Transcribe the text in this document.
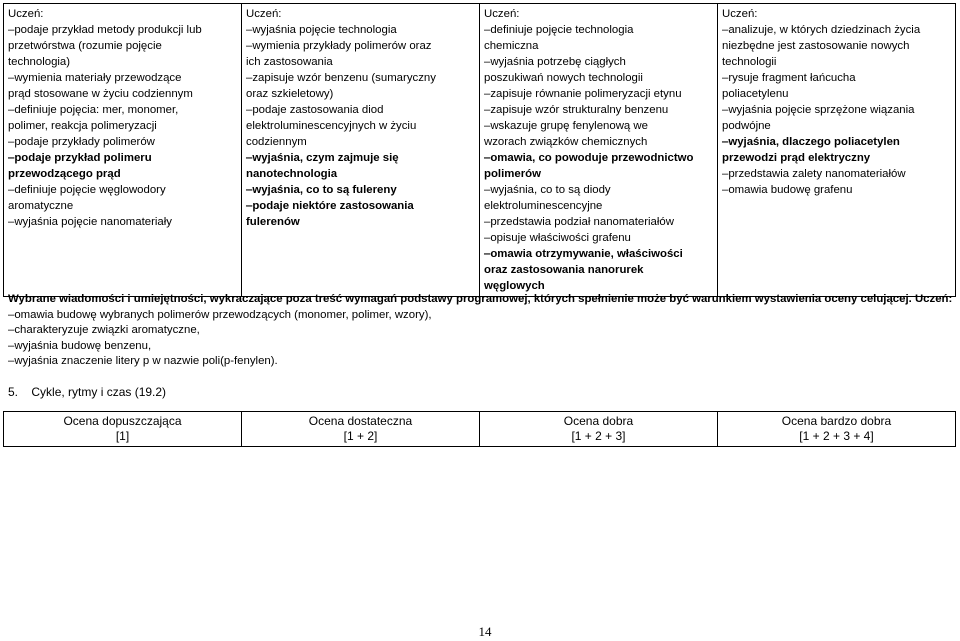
Uczeń:
‒podaje przykład metody produkcji lub
przetwórstwa (rozumie pojęcie
technologia)
‒wymienia materiały przewodzące
prąd stosowane w życiu codziennym
‒definiuje pojęcia: mer, monomer,
polimer, reakcja polimeryzacji
‒podaje przykłady polimerów
‒podaje przykład polimeru
przewodzącego prąd
‒definiuje pojęcie węglowodory
aromatyczne
‒wyjaśnia pojęcie nanomateriały

Uczeń:
‒wyjaśnia pojęcie technologia
‒wymienia przykłady polimerów oraz
ich zastosowania
‒zapisuje wzór benzenu (sumaryczny
oraz szkieletowy)
‒podaje zastosowania diod
elektroluminescencyjnych w życiu
codziennym
‒wyjaśnia, czym zajmuje się
nanotechnologia
‒wyjaśnia, co to są fulereny
‒podaje niektóre zastosowania
fulerenów

Uczeń:
‒definiuje pojęcie technologia
chemiczna
‒wyjaśnia potrzebę ciągłych
poszukiwań nowych technologii
‒zapisuje równanie polimeryzacji etynu
‒zapisuje wzór strukturalny benzenu
‒wskazuje grupę fenylenową we
wzorach związków chemicznych
‒omawia, co powoduje przewodnictwo
polimerów
‒wyjaśnia, co to są diody
elektroluminescencyjne
‒przedstawia podział nanomateriałów
‒opisuje właściwości grafenu
‒omawia otrzymywanie, właściwości
oraz zastosowania nanorurek
węglowych

Uczeń:
‒analizuje, w których dziedzinach życia
niezbędne jest zastosowanie nowych
technologii
‒rysuje fragment łańcucha
poliacetylenu
‒wyjaśnia pojęcie sprzężone wiązania
podwójne
‒wyjaśnia, dlaczego poliacetylen
przewodzi prąd elektryczny
‒przedstawia zalety nanomateriałów
‒omawia budowę grafenu
Wybrane wiadomości i umiejętności, wykraczające poza treść wymagań podstawy programowej, których spełnienie może być warunkiem wystawienia oceny celującej. Uczeń:
‒omawia budowę wybranych polimerów przewodzących (monomer, polimer, wzory),
‒charakteryzuje związki aromatyczne,
‒wyjaśnia budowę benzenu,
‒wyjaśnia znaczenie litery p w nazwie poli(p-fenylen).
5. Cykle, rytmy i czas (19.2)
Ocena dopuszczająca
[1]

Ocena dostateczna
[1 + 2]

Ocena dobra
[1 + 2 + 3]

Ocena bardzo dobra
[1 + 2 + 3 + 4]
14
